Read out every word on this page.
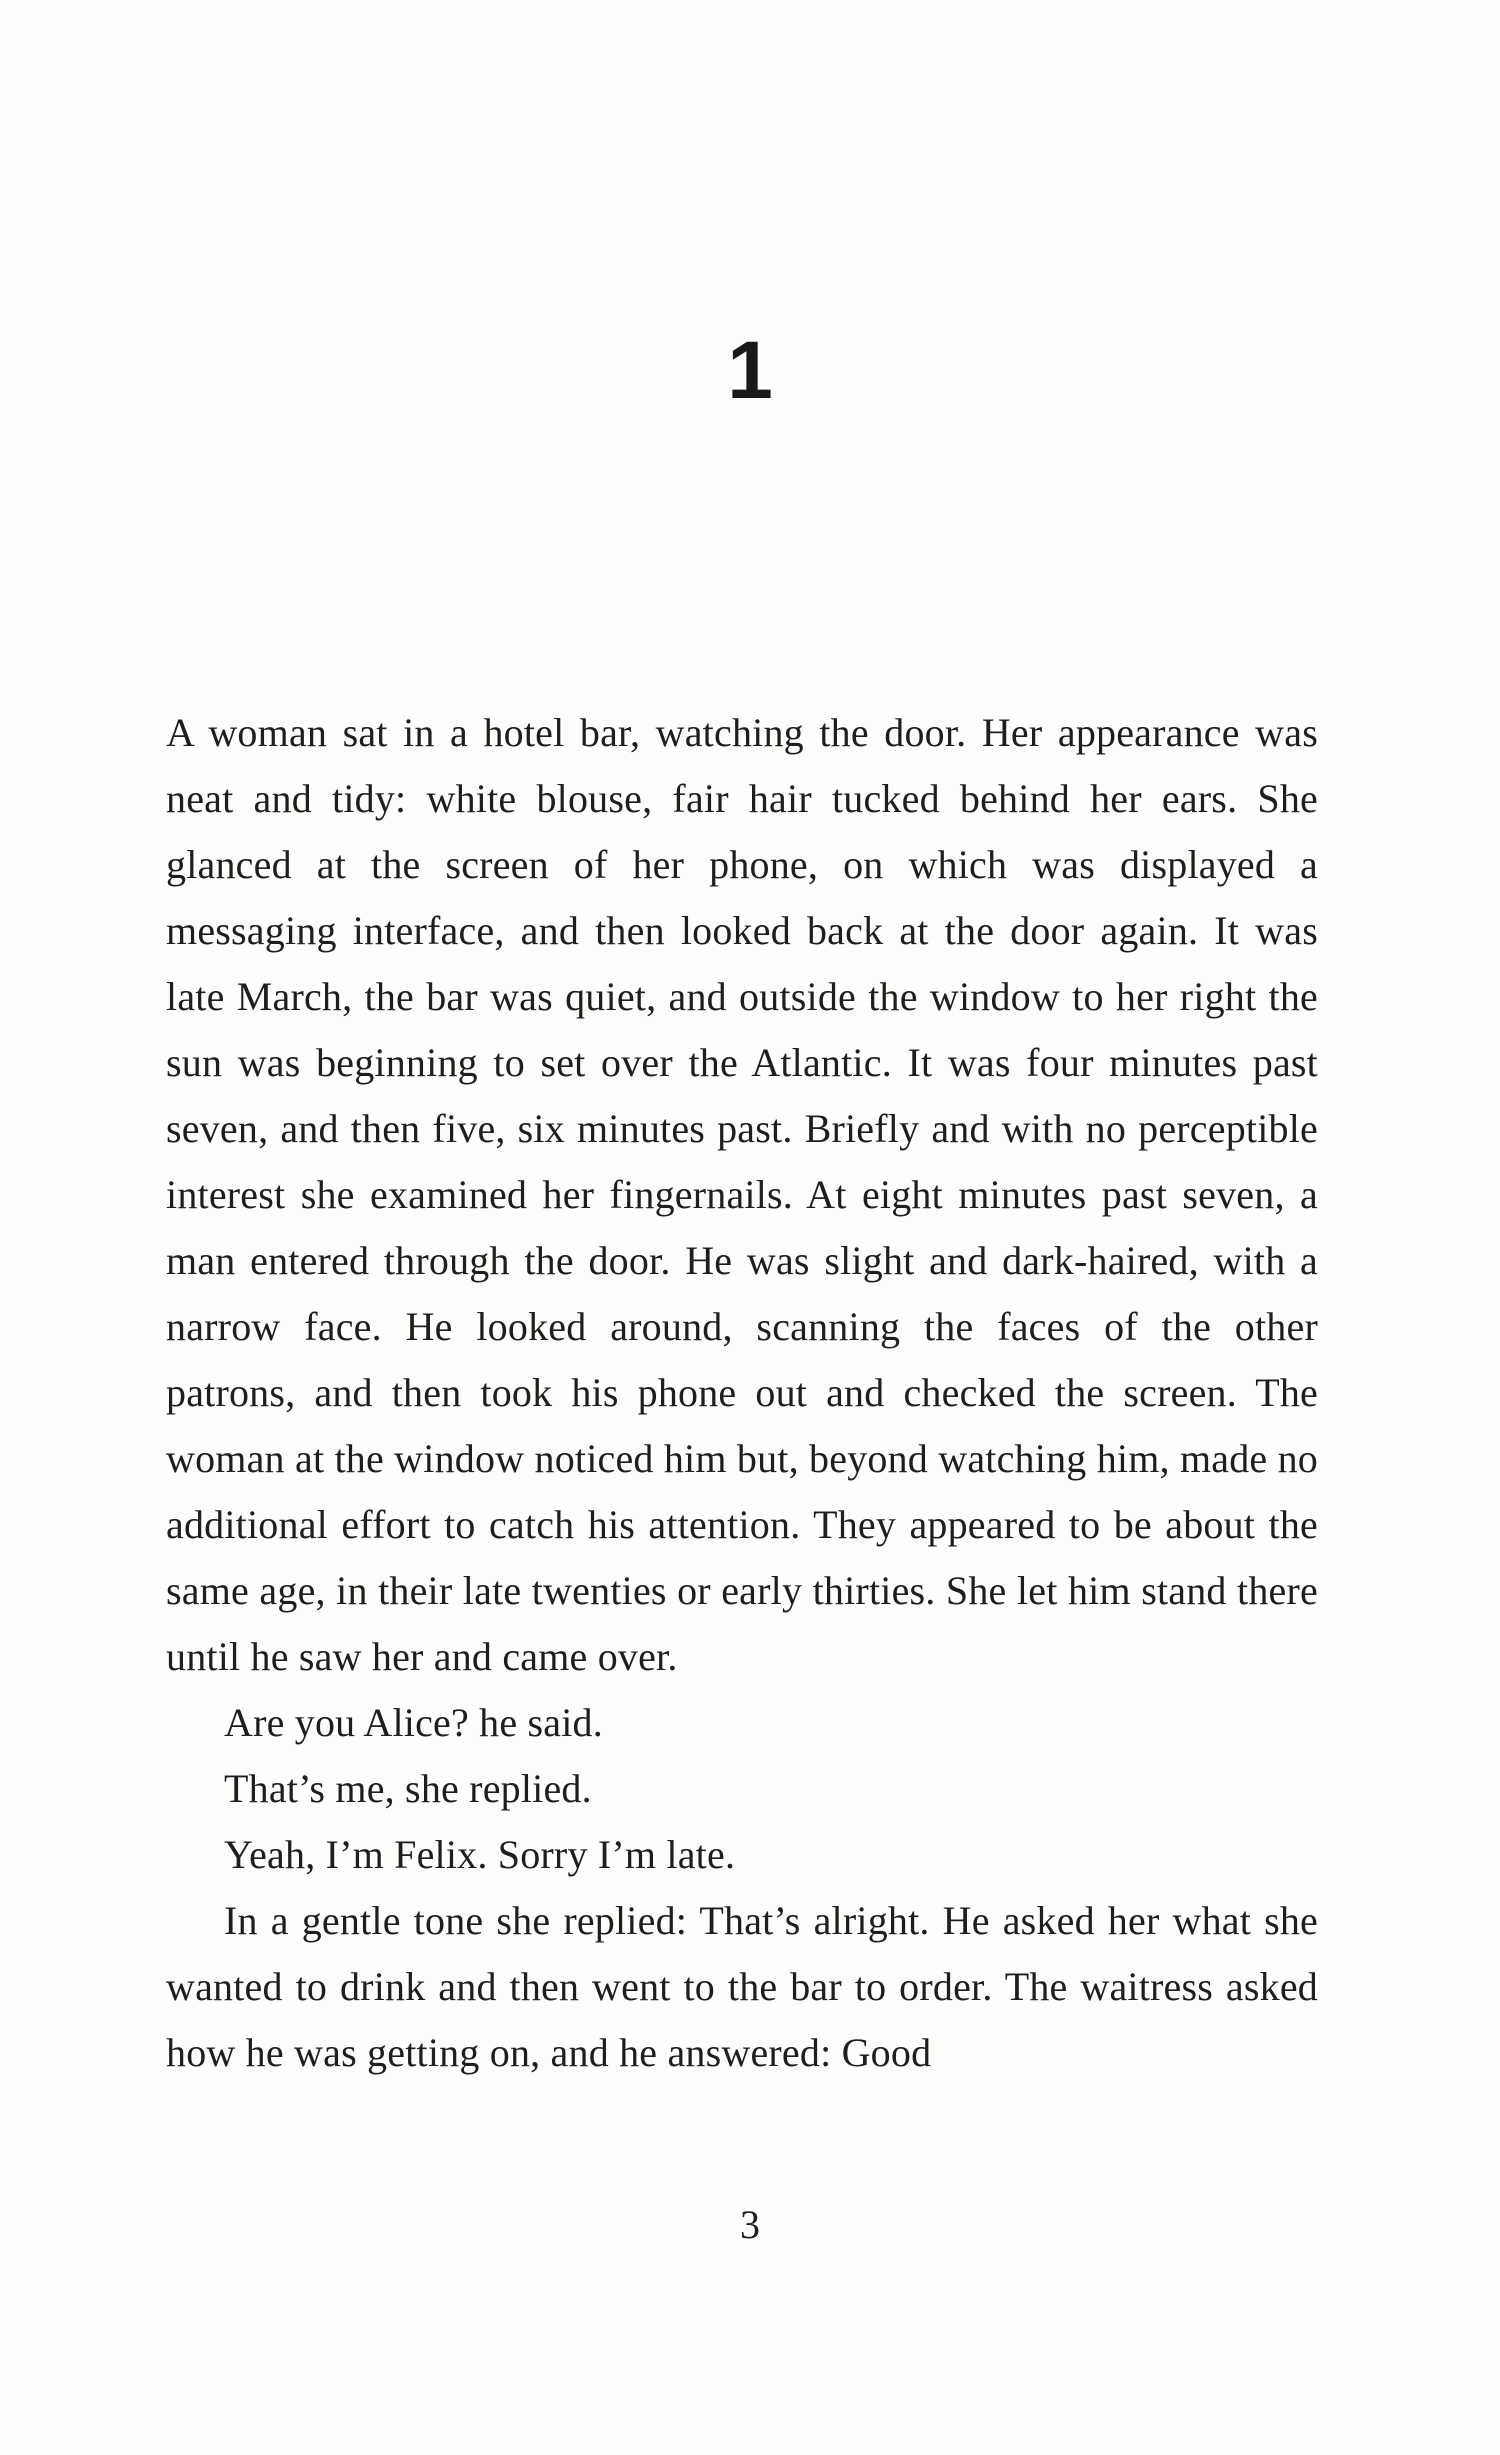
1

A woman sat in a hotel bar, watching the door. Her appearance was neat and tidy: white blouse, fair hair tucked behind her ears. She glanced at the screen of her phone, on which was displayed a messaging interface, and then looked back at the door again. It was late March, the bar was quiet, and outside the window to her right the sun was beginning to set over the Atlantic. It was four minutes past seven, and then five, six minutes past. Briefly and with no perceptible interest she examined her fingernails. At eight minutes past seven, a man entered through the door. He was slight and dark-haired, with a narrow face. He looked around, scanning the faces of the other patrons, and then took his phone out and checked the screen. The woman at the window noticed him but, beyond watching him, made no additional effort to catch his attention. They appeared to be about the same age, in their late twenties or early thirties. She let him stand there until he saw her and came over.

Are you Alice? he said.

That’s me, she replied.

Yeah, I’m Felix. Sorry I’m late.

In a gentle tone she replied: That’s alright. He asked her what she wanted to drink and then went to the bar to order. The waitress asked how he was getting on, and he answered: Good

3
